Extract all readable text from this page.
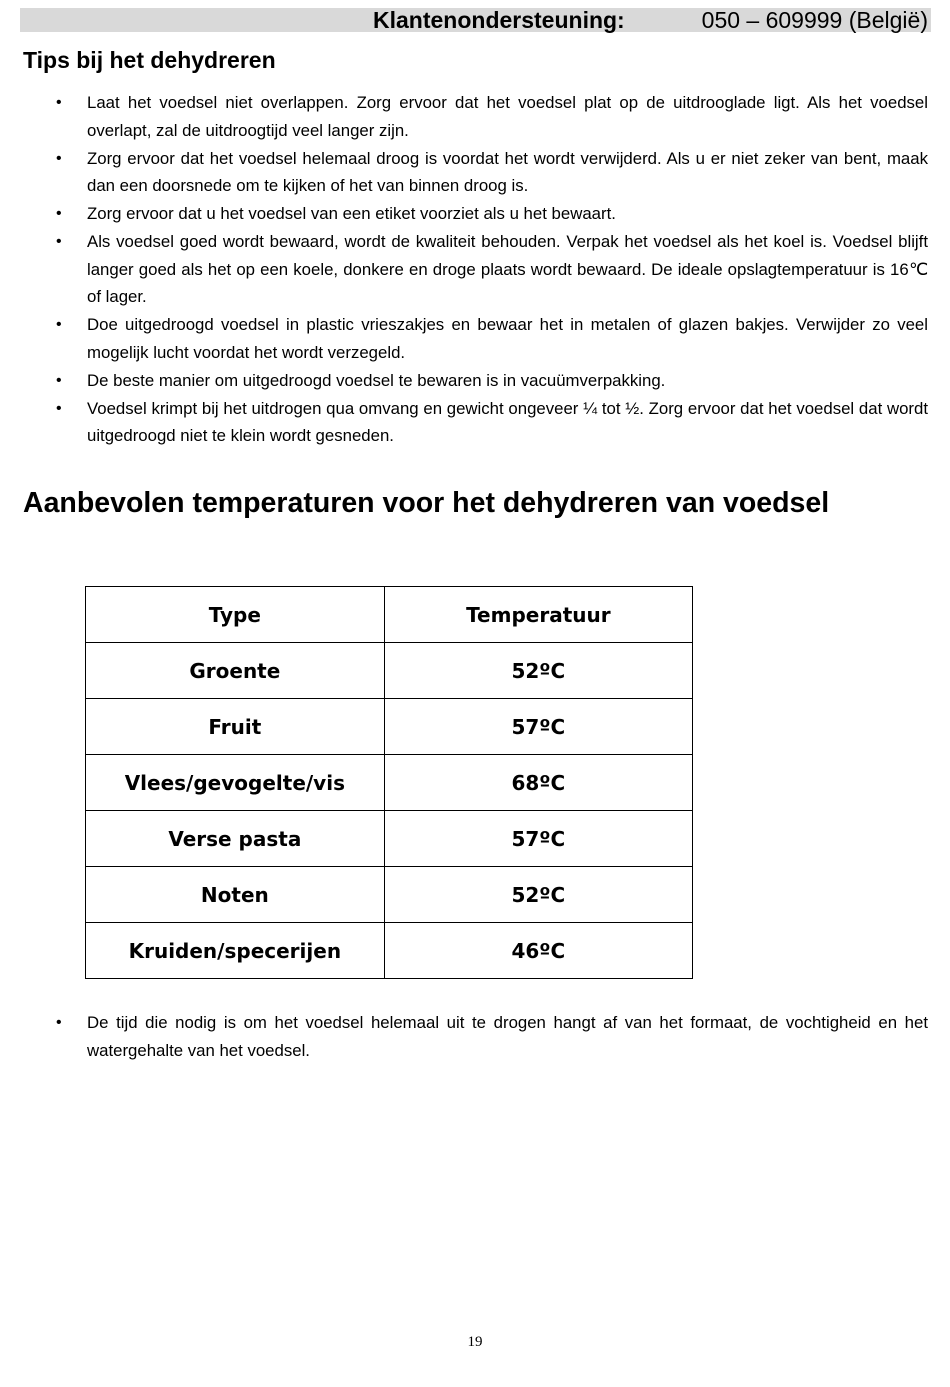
Klantenondersteuning:	050 – 609999 (België)
Tips bij het dehydreren
• Laat het voedsel niet overlappen. Zorg ervoor dat het voedsel plat op de uitdrooglade ligt. Als het voedsel overlapt, zal de uitdroogtijd veel langer zijn.
• Zorg ervoor dat het voedsel helemaal droog is voordat het wordt verwijderd. Als u er niet zeker van bent, maak dan een doorsnede om te kijken of het van binnen droog is.
• Zorg ervoor dat u het voedsel van een etiket voorziet als u het bewaart.
• Als voedsel goed wordt bewaard, wordt de kwaliteit behouden. Verpak het voedsel als het koel is. Voedsel blijft langer goed als het op een koele, donkere en droge plaats wordt bewaard. De ideale opslagtemperatuur is 16℃ of lager.
• Doe uitgedroogd voedsel in plastic vrieszakjes en bewaar het in metalen of glazen bakjes. Verwijder zo veel mogelijk lucht voordat het wordt verzegeld.
• De beste manier om uitgedroogd voedsel te bewaren is in vacuümverpakking.
• Voedsel krimpt bij het uitdrogen qua omvang en gewicht ongeveer ¼ tot ½. Zorg ervoor dat het voedsel dat wordt uitgedroogd niet te klein wordt gesneden.
Aanbevolen temperaturen voor het dehydreren van voedsel
Type	Temperatuur
Groente	52ºC
Fruit	57ºC
Vlees/gevogelte/vis	68ºC
Verse pasta	57ºC
Noten	52ºC
Kruiden/specerijen	46ºC
• De tijd die nodig is om het voedsel helemaal uit te drogen hangt af van het formaat, de vochtigheid en het watergehalte van het voedsel.
19
